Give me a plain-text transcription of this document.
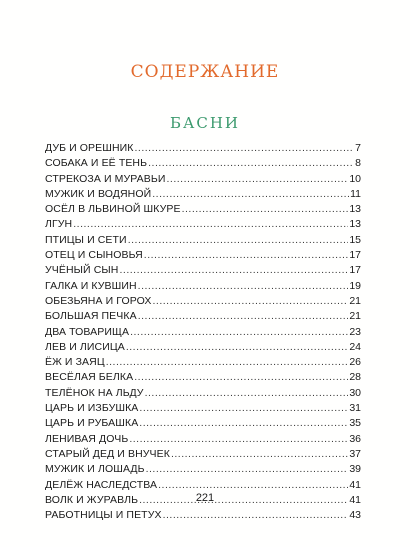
СОДЕРЖАНИЕ
БАСНИ
ДУБ И ОРЕШНИК .....	7
СОБАКА И ЕЁ ТЕНЬ .....	8
СТРЕКОЗА И МУРАВЬИ .....	10
МУЖИК И ВОДЯНОЙ .....	11
ОСЁЛ В ЛЬВИНОЙ ШКУРЕ .....	13
ЛГУН .....	13
ПТИЦЫ И СЕТИ .....	15
ОТЕЦ И СЫНОВЬЯ .....	17
УЧЁНЫЙ СЫН .....	17
ГАЛКА И КУВШИН .....	19
ОБЕЗЬЯНА И ГОРОХ .....	21
БОЛЬШАЯ ПЕЧКА .....	21
ДВА ТОВАРИЩА .....	23
ЛЕВ И ЛИСИЦА .....	24
ЁЖ И ЗАЯЦ .....	26
ВЕСЁЛАЯ БЕЛКА .....	28
ТЕЛЁНОК НА ЛЬДУ .....	30
ЦАРЬ И ИЗБУШКА .....	31
ЦАРЬ И РУБАШКА .....	35
ЛЕНИВАЯ ДОЧЬ .....	36
СТАРЫЙ ДЕД И ВНУЧЕК .....	37
МУЖИК И ЛОШАДЬ .....	39
ДЕЛЁЖ НАСЛЕДСТВА .....	41
ВОЛК И ЖУРАВЛЬ .....	41
РАБОТНИЦЫ И ПЕТУХ .....	43
221
